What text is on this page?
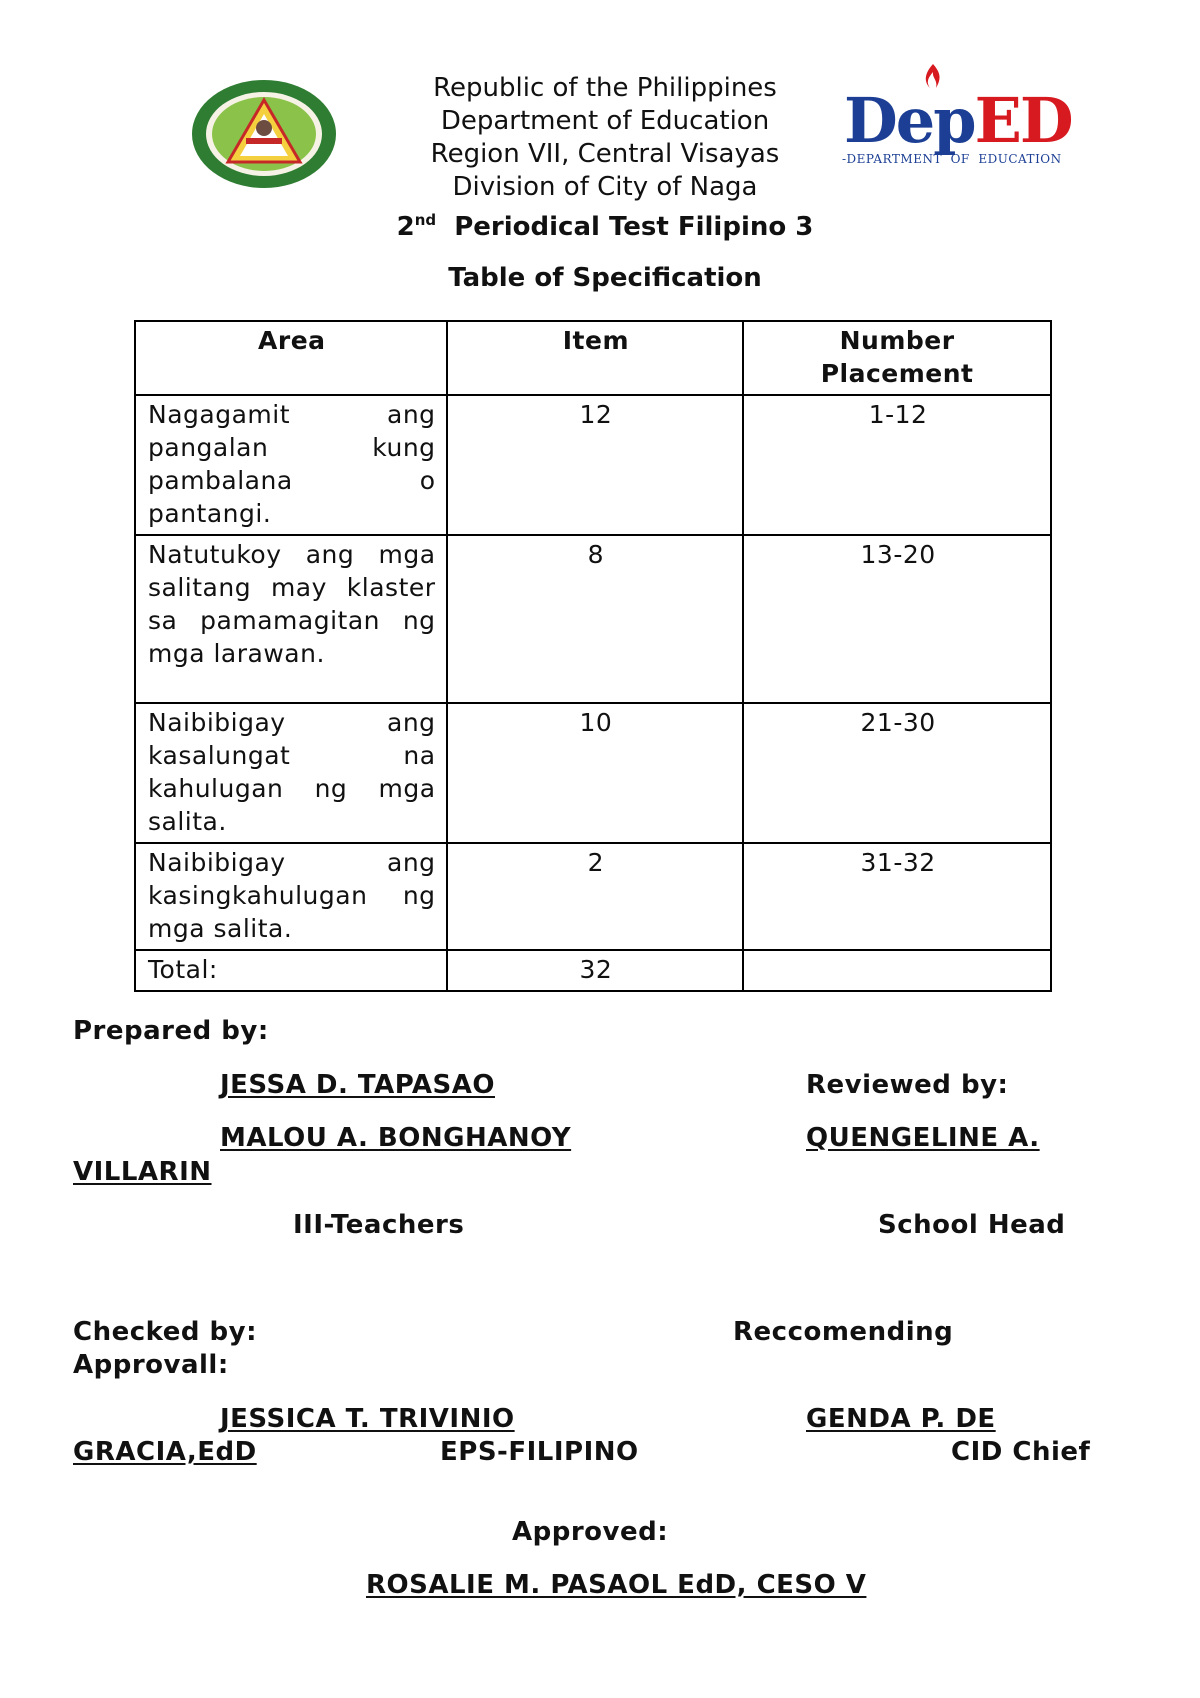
DepED
-DEPARTMENT  OF  EDUCATION
Republic of the Philippines
Department of Education
Region VII, Central Visayas
Division of City of Naga
2nd Periodical Test Filipino 3
Table of Specification
Area	Item	Number Placement
Nagagamit ang pangalan kung pambalana o pantangi.	12	1-12
Natutukoy ang mga salitang may klaster sa pamamagitan ng mga larawan.	8	13-20
Naibibigay ang kasalungat na kahulugan ng mga salita.	10	21-30
Naibibigay ang kasingkahulugan ng mga salita.	2	31-32
Total:	32	
Prepared by:
JESSA D. TAPASAO	Reviewed by:
MALOU A. BONGHANOY	QUENGELINE A.
VILLARIN
III-Teachers	School Head
Checked by:	Reccomending
Approvall:
JESSICA T. TRIVINIO	GENDA P. DE
GRACIA,EdD	EPS-FILIPINO	CID Chief
Approved:
ROSALIE M. PASAOL EdD, CESO V
